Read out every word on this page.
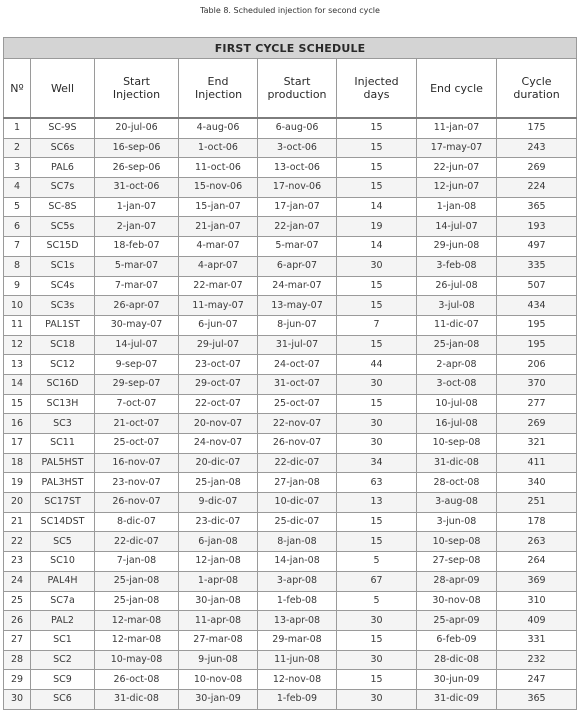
Table 8. Scheduled injection for second cycle
FIRST CYCLE SCHEDULE							
Nº	Well	Start Injection	End Injection	Start production	Injected days	End cycle	Cycle duration
1	SC-9S	20-jul-06	4-aug-06	6-aug-06	15	11-jan-07	175
2	SC6s	16-sep-06	1-oct-06	3-oct-06	15	17-may-07	243
3	PAL6	26-sep-06	11-oct-06	13-oct-06	15	22-jun-07	269
4	SC7s	31-oct-06	15-nov-06	17-nov-06	15	12-jun-07	224
5	SC-8S	1-jan-07	15-jan-07	17-jan-07	14	1-jan-08	365
6	SC5s	2-jan-07	21-jan-07	22-jan-07	19	14-jul-07	193
7	SC15D	18-feb-07	4-mar-07	5-mar-07	14	29-jun-08	497
8	SC1s	5-mar-07	4-apr-07	6-apr-07	30	3-feb-08	335
9	SC4s	7-mar-07	22-mar-07	24-mar-07	15	26-jul-08	507
10	SC3s	26-apr-07	11-may-07	13-may-07	15	3-jul-08	434
11	PAL1ST	30-may-07	6-jun-07	8-jun-07	7	11-dic-07	195
12	SC18	14-jul-07	29-jul-07	31-jul-07	15	25-jan-08	195
13	SC12	9-sep-07	23-oct-07	24-oct-07	44	2-apr-08	206
14	SC16D	29-sep-07	29-oct-07	31-oct-07	30	3-oct-08	370
15	SC13H	7-oct-07	22-oct-07	25-oct-07	15	10-jul-08	277
16	SC3	21-oct-07	20-nov-07	22-nov-07	30	16-jul-08	269
17	SC11	25-oct-07	24-nov-07	26-nov-07	30	10-sep-08	321
18	PAL5HST	16-nov-07	20-dic-07	22-dic-07	34	31-dic-08	411
19	PAL3HST	23-nov-07	25-jan-08	27-jan-08	63	28-oct-08	340
20	SC17ST	26-nov-07	9-dic-07	10-dic-07	13	3-aug-08	251
21	SC14DST	8-dic-07	23-dic-07	25-dic-07	15	3-jun-08	178
22	SC5	22-dic-07	6-jan-08	8-jan-08	15	10-sep-08	263
23	SC10	7-jan-08	12-jan-08	14-jan-08	5	27-sep-08	264
24	PAL4H	25-jan-08	1-apr-08	3-apr-08	67	28-apr-09	369
25	SC7a	25-jan-08	30-jan-08	1-feb-08	5	30-nov-08	310
26	PAL2	12-mar-08	11-apr-08	13-apr-08	30	25-apr-09	409
27	SC1	12-mar-08	27-mar-08	29-mar-08	15	6-feb-09	331
28	SC2	10-may-08	9-jun-08	11-jun-08	30	28-dic-08	232
29	SC9	26-oct-08	10-nov-08	12-nov-08	15	30-jun-09	247
30	SC6	31-dic-08	30-jan-09	1-feb-09	30	31-dic-09	365
